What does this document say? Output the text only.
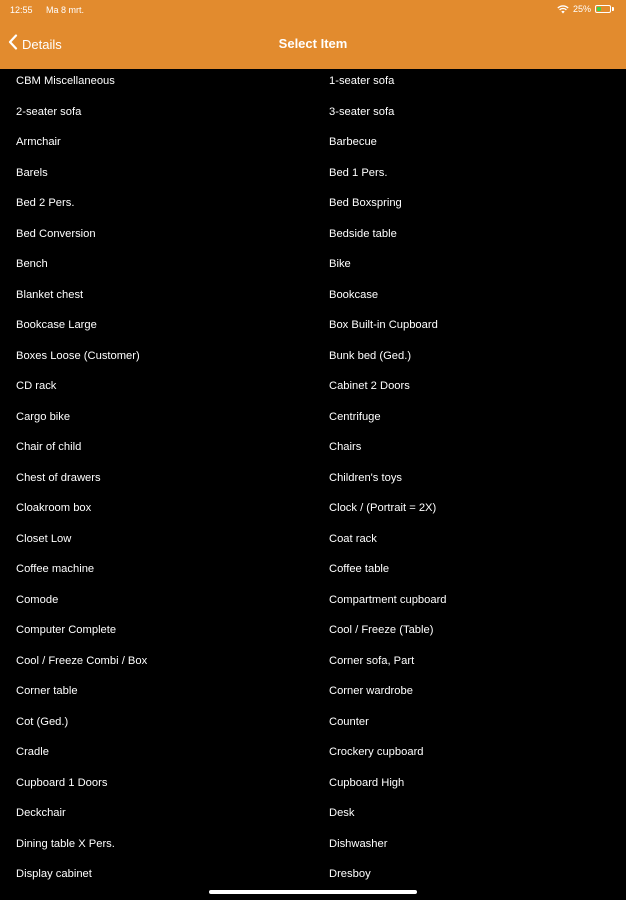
12:55 Ma 8 mrt.	25%
Details	Select Item
CBM Miscellaneous	1-seater sofa
2-seater sofa	3-seater sofa
Armchair	Barbecue
Barels	Bed 1 Pers.
Bed 2 Pers.	Bed Boxspring
Bed Conversion	Bedside table
Bench	Bike
Blanket chest	Bookcase
Bookcase Large	Box Built-in Cupboard
Boxes Loose (Customer)	Bunk bed (Ged.)
CD rack	Cabinet 2 Doors
Cargo bike	Centrifuge
Chair of child	Chairs
Chest of drawers	Children's toys
Cloakroom box	Clock / (Portrait = 2X)
Closet Low	Coat rack
Coffee machine	Coffee table
Comode	Compartment cupboard
Computer Complete	Cool / Freeze (Table)
Cool / Freeze Combi / Box	Corner sofa, Part
Corner table	Corner wardrobe
Cot (Ged.)	Counter
Cradle	Crockery cupboard
Cupboard 1 Doors	Cupboard High
Deckchair	Desk
Dining table X Pers.	Dishwasher
Display cabinet	Dresboy
